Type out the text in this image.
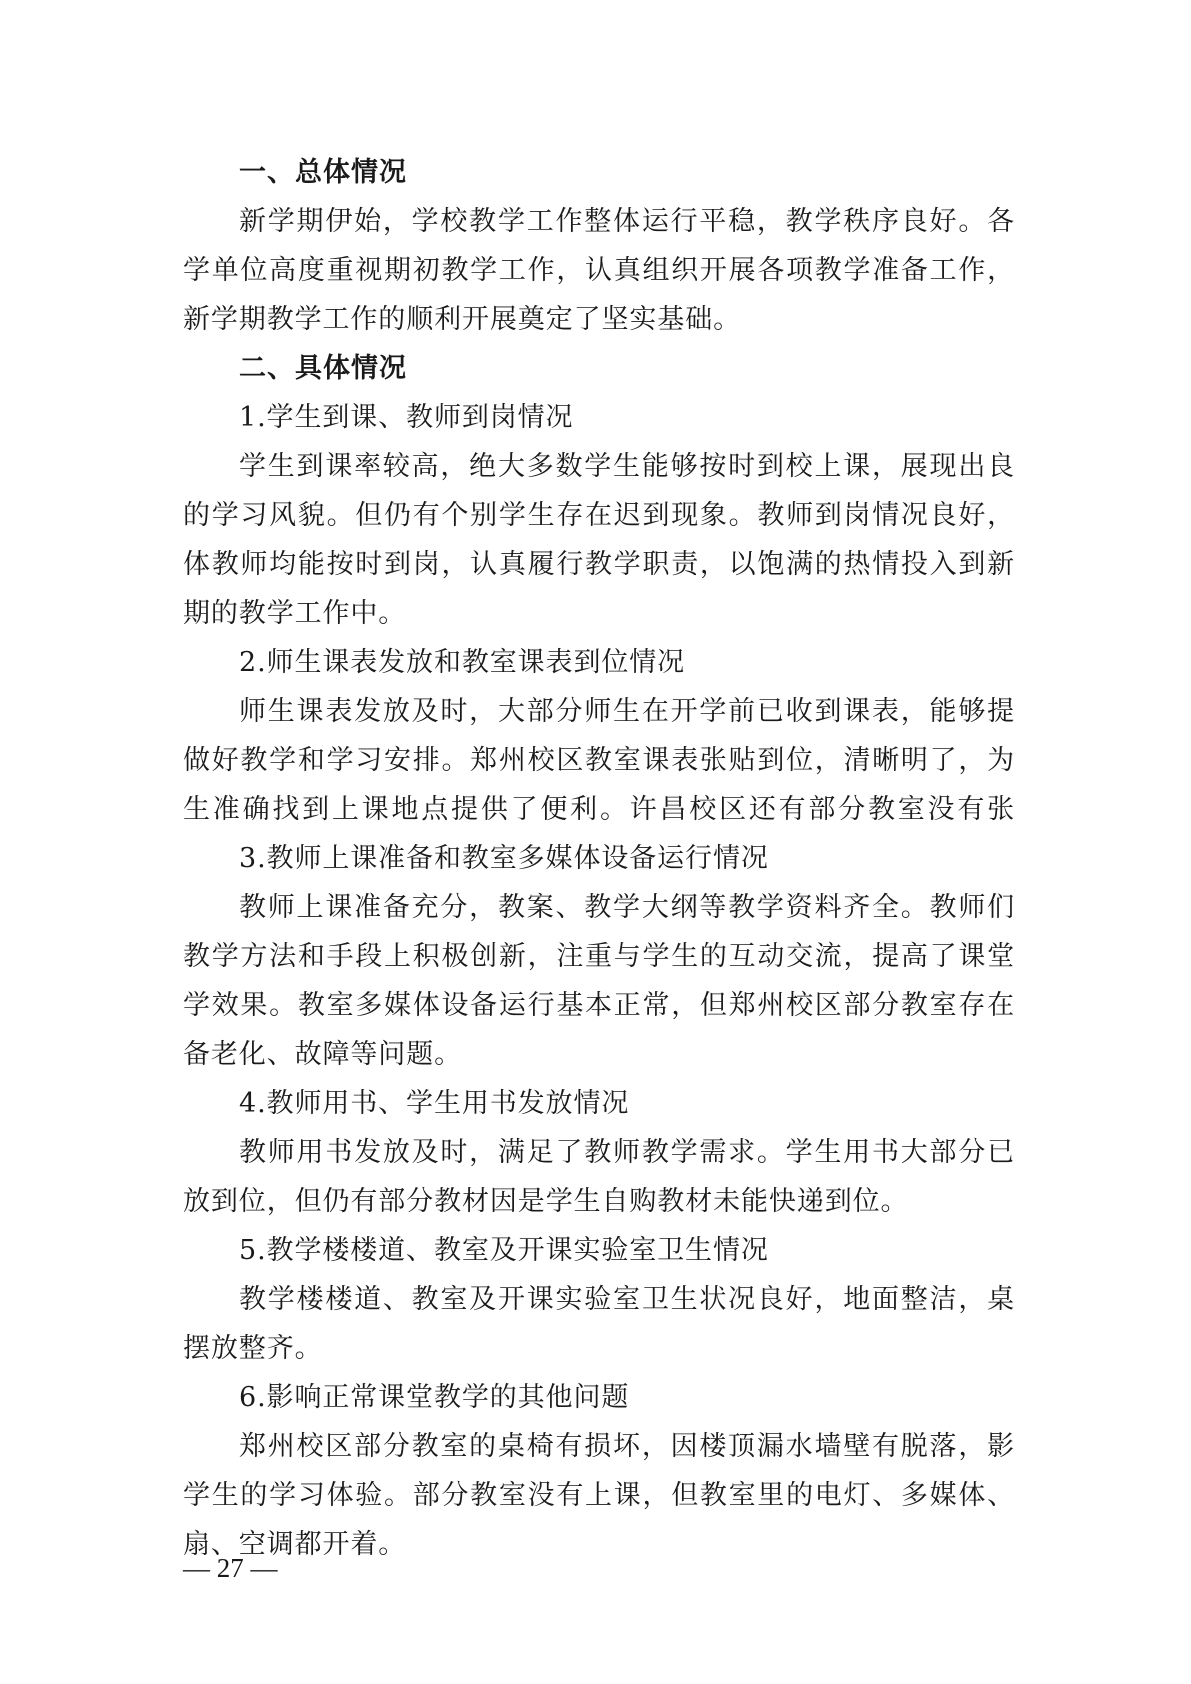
一、总体情况
新学期伊始，学校教学工作整体运行平稳，教学秩序良好。各
学单位高度重视期初教学工作，认真组织开展各项教学准备工作，
新学期教学工作的顺利开展奠定了坚实基础。
二、具体情况
1.学生到课、教师到岗情况
学生到课率较高，绝大多数学生能够按时到校上课，展现出良
的学习风貌。但仍有个别学生存在迟到现象。教师到岗情况良好，
体教师均能按时到岗，认真履行教学职责，以饱满的热情投入到新
期的教学工作中。
2.师生课表发放和教室课表到位情况
师生课表发放及时，大部分师生在开学前已收到课表，能够提
做好教学和学习安排。郑州校区教室课表张贴到位，清晰明了，为
生准确找到上课地点提供了便利。许昌校区还有部分教室没有张
3.教师上课准备和教室多媒体设备运行情况
教师上课准备充分，教案、教学大纲等教学资料齐全。教师们
教学方法和手段上积极创新，注重与学生的互动交流，提高了课堂
学效果。教室多媒体设备运行基本正常，但郑州校区部分教室存在
备老化、故障等问题。
4.教师用书、学生用书发放情况
教师用书发放及时，满足了教师教学需求。学生用书大部分已
放到位，但仍有部分教材因是学生自购教材未能快递到位。
5.教学楼楼道、教室及开课实验室卫生情况
教学楼楼道、教室及开课实验室卫生状况良好，地面整洁，桌
摆放整齐。
6.影响正常课堂教学的其他问题
郑州校区部分教室的桌椅有损坏，因楼顶漏水墙壁有脱落，影
学生的学习体验。部分教室没有上课，但教室里的电灯、多媒体、
扇、空调都开着。
— 27 —
